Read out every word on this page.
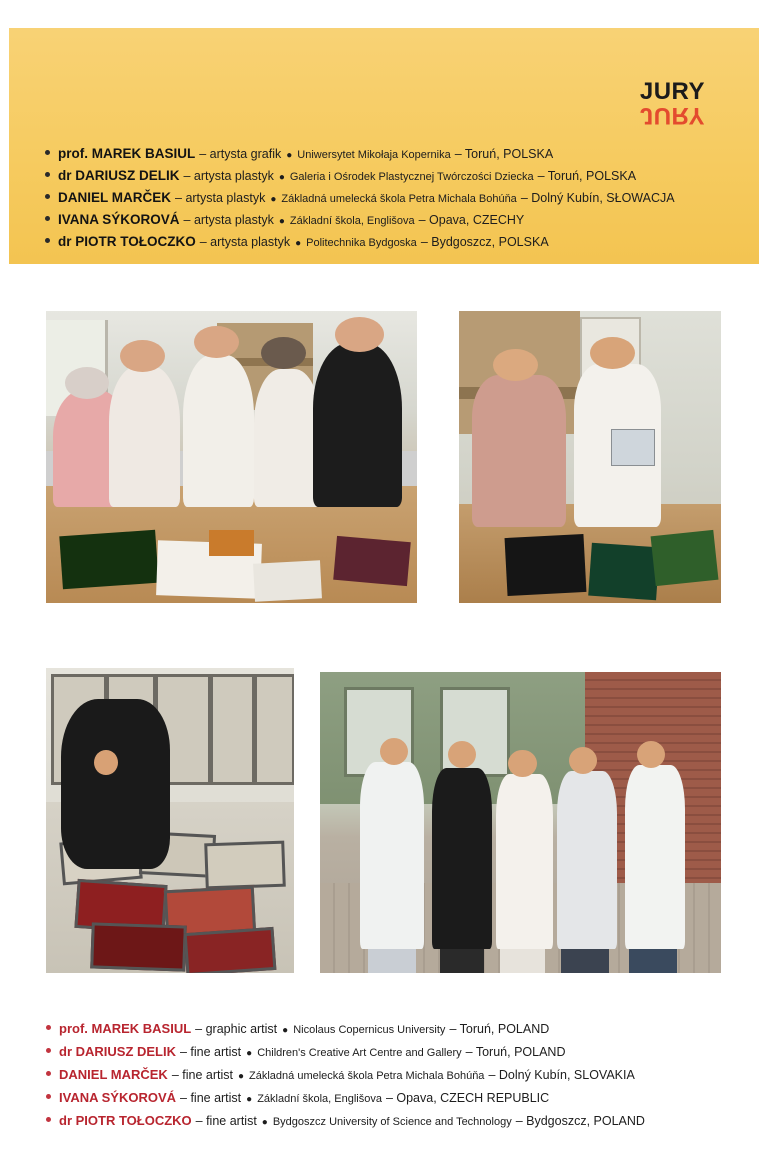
JURY
JURY
prof. MAREK BASIUL – artysta grafik ● Uniwersytet Mikołaja Kopernika – Toruń, POLSKA
dr DARIUSZ DELIK – artysta plastyk ● Galeria i Ośrodek Plastycznej Twórczości Dziecka – Toruń, POLSKA
DANIEL MARČEK – artysta plastyk ● Základná umelecká škola Petra Michala Bohúňa – Dolný Kubín, SŁOWACJA
IVANA SÝKOROVÁ – artysta plastyk ● Základní škola, Englišova – Opava, CZECHY
dr PIOTR TOŁOCZKO – artysta plastyk ● Politechnika Bydgoska – Bydgoszcz, POLSKA
prof. MAREK BASIUL – graphic artist ● Nicolaus Copernicus University – Toruń, POLAND
dr DARIUSZ DELIK – fine artist ● Children's Creative Art Centre and Gallery – Toruń, POLAND
DANIEL MARČEK – fine artist ● Základná umelecká škola Petra Michala Bohúňa – Dolný Kubín, SLOVAKIA
IVANA SÝKOROVÁ – fine artist ● Základní škola, Englišova – Opava, CZECH REPUBLIC
dr PIOTR TOŁOCZKO – fine artist ● Bydgoszcz University of Science and Technology – Bydgoszcz, POLAND
